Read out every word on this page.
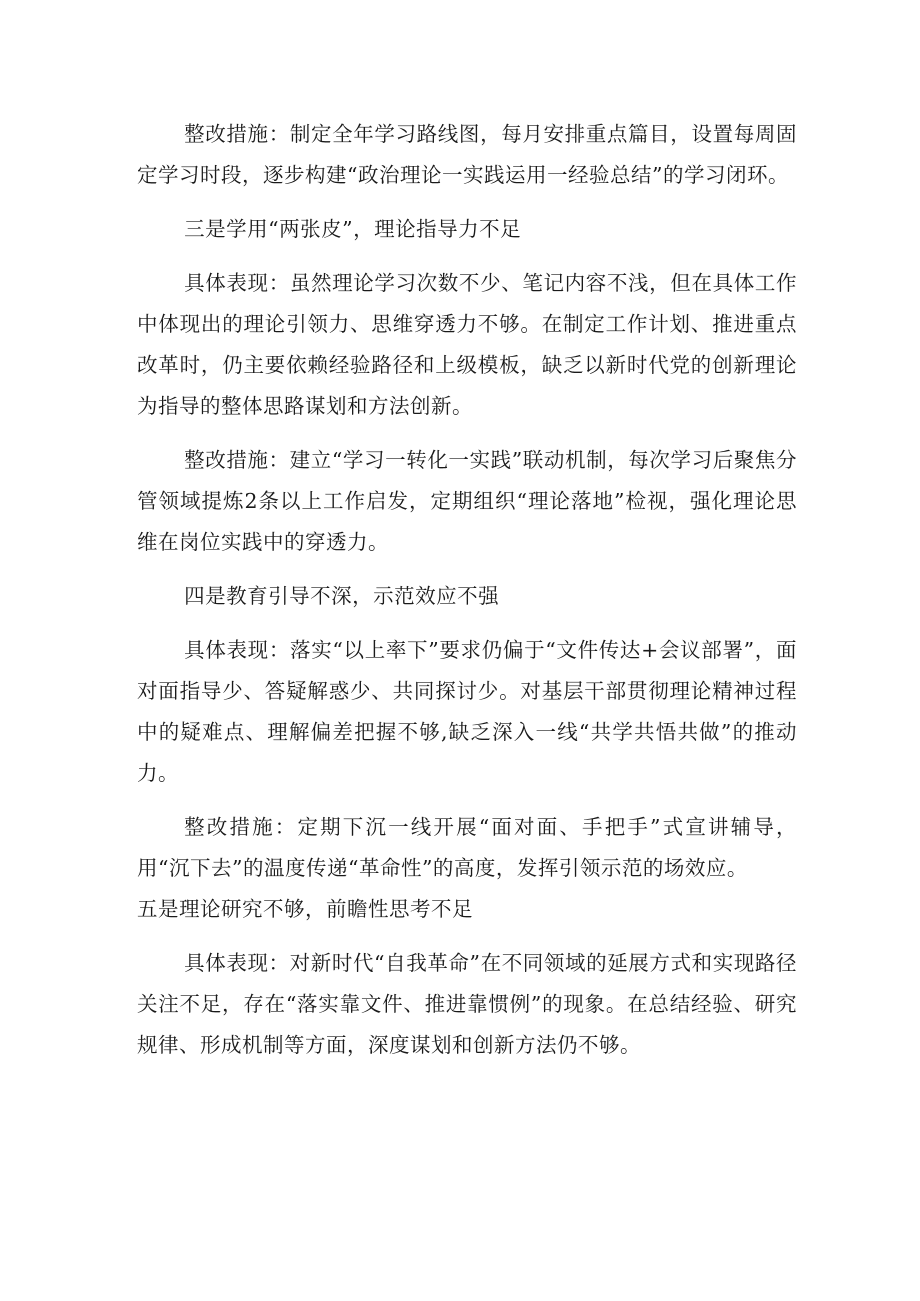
整改措施：制定全年学习路线图，每月安排重点篇目，设置每周固定学习时段，逐步构建“政治理论一实践运用一经验总结”的学习闭环。

三是学用“两张皮”，理论指导力不足

具体表现：虽然理论学习次数不少、笔记内容不浅，但在具体工作中体现出的理论引领力、思维穿透力不够。在制定工作计划、推进重点改革时，仍主要依赖经验路径和上级模板，缺乏以新时代党的创新理论为指导的整体思路谋划和方法创新。

整改措施：建立“学习一转化一实践”联动机制，每次学习后聚焦分管领域提炼2条以上工作启发，定期组织“理论落地”检视，强化理论思维在岗位实践中的穿透力。

四是教育引导不深，示范效应不强

具体表现：落实“以上率下”要求仍偏于“文件传达+会议部署”，面对面指导少、答疑解惑少、共同探讨少。对基层干部贯彻理论精神过程中的疑难点、理解偏差把握不够,缺乏深入一线“共学共悟共做”的推动力。

整改措施：定期下沉一线开展“面对面、手把手”式宣讲辅导，用“沉下去”的温度传递“革命性”的高度，发挥引领示范的场效应。

五是理论研究不够，前瞻性思考不足

具体表现：对新时代“自我革命”在不同领域的延展方式和实现路径关注不足，存在“落实靠文件、推进靠惯例”的现象。在总结经验、研究规律、形成机制等方面，深度谋划和创新方法仍不够。
